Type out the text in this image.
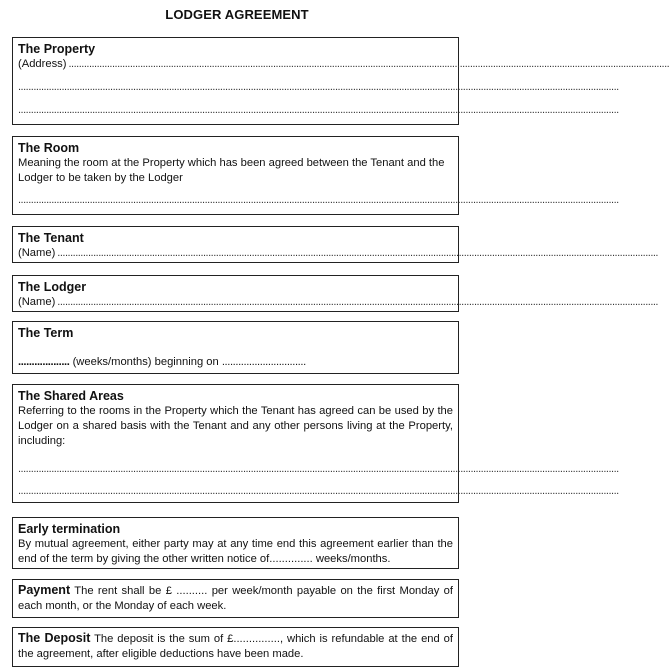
LODGER AGREEMENT
The Property
(Address) ...........................................................................................................................................................................................................................................
...........................................................................................................................................................................................................................................
...........................................................................................................................................................................................................................................
The Room

Meaning the room at the Property which has been agreed between the Tenant and the Lodger to be taken by the Lodger

...........................................................................................................................................................................................................................................
The Tenant
(Name) ...........................................................................................................................................................................................................................................
The Lodger
(Name) ...........................................................................................................................................................................................................................................
The Term

................... (weeks/months) beginning on ...............................

The Shared Areas

Referring to the rooms in the Property which the Tenant has agreed can be used by the Lodger on a shared basis with the Tenant and any other persons living at the Property, including:

...........................................................................................................................................................................................................................................
...........................................................................................................................................................................................................................................
Early termination

By mutual agreement, either party may at any time end this agreement earlier than the end of the term by giving the other written notice of.............. weeks/months.

Payment The rent shall be £ .......... per week/month payable on the first Monday of each month, or the Monday of each week.

The Deposit The deposit is the sum of £..............., which is refundable at the end of the agreement, after eligible deductions have been made.
